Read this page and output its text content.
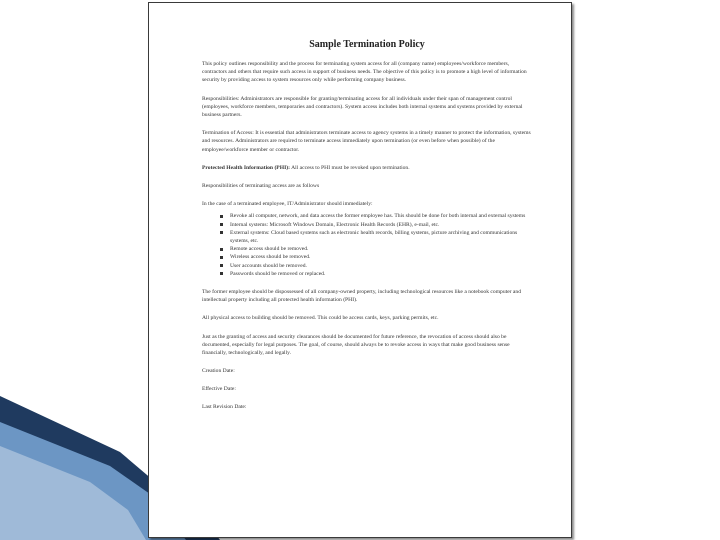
Sample Termination Policy

This policy outlines responsibility and the process for terminating system access for all (company name) employees/workforce members, contractors and others that require such access in support of business needs. The objective of this policy is to promote a high level of information security by providing access to system resources only while performing company business.

Responsibilities: Administrators are responsible for granting/terminating access for all individuals under their span of management control (employees, workforce members, temporaries and contractors). System access includes both internal systems and systems provided by external business partners.

Termination of Access: It is essential that administrators terminate access to agency systems in a timely manner to protect the information, systems and resources. Administrators are required to terminate access immediately upon termination (or even before when possible) of the employee/workforce member or contractor.

Protected Health Information (PHI): All access to PHI must be revoked upon termination.

Responsibilities of terminating access are as follows

In the case of a terminated employee, IT/Administrator should immediately:

Revoke all computer, network, and data access the former employee has. This should be done for both internal and external systems
Internal systems: Microsoft Windows Domain, Electronic Health Records (EHR), e-mail, etc.
External systems: Cloud based systems such as electronic health records, billing systems, picture archiving and communications systems, etc.
Remote access should be removed.
Wireless access should be removed.
User accounts should be removed.
Passwords should be removed or replaced.

The former employee should be dispossessed of all company-owned property, including technological resources like a notebook computer and intellectual property including all protected health information (PHI).

All physical access to building should be removed. This could be access cards, keys, parking permits, etc.

Just as the granting of access and security clearances should be documented for future reference, the revocation of access should also be documented, especially for legal purposes. The goal, of course, should always be to revoke access in ways that make good business sense financially, technologically, and legally.

Creation Date:
Effective Date:
Last Revision Date:
